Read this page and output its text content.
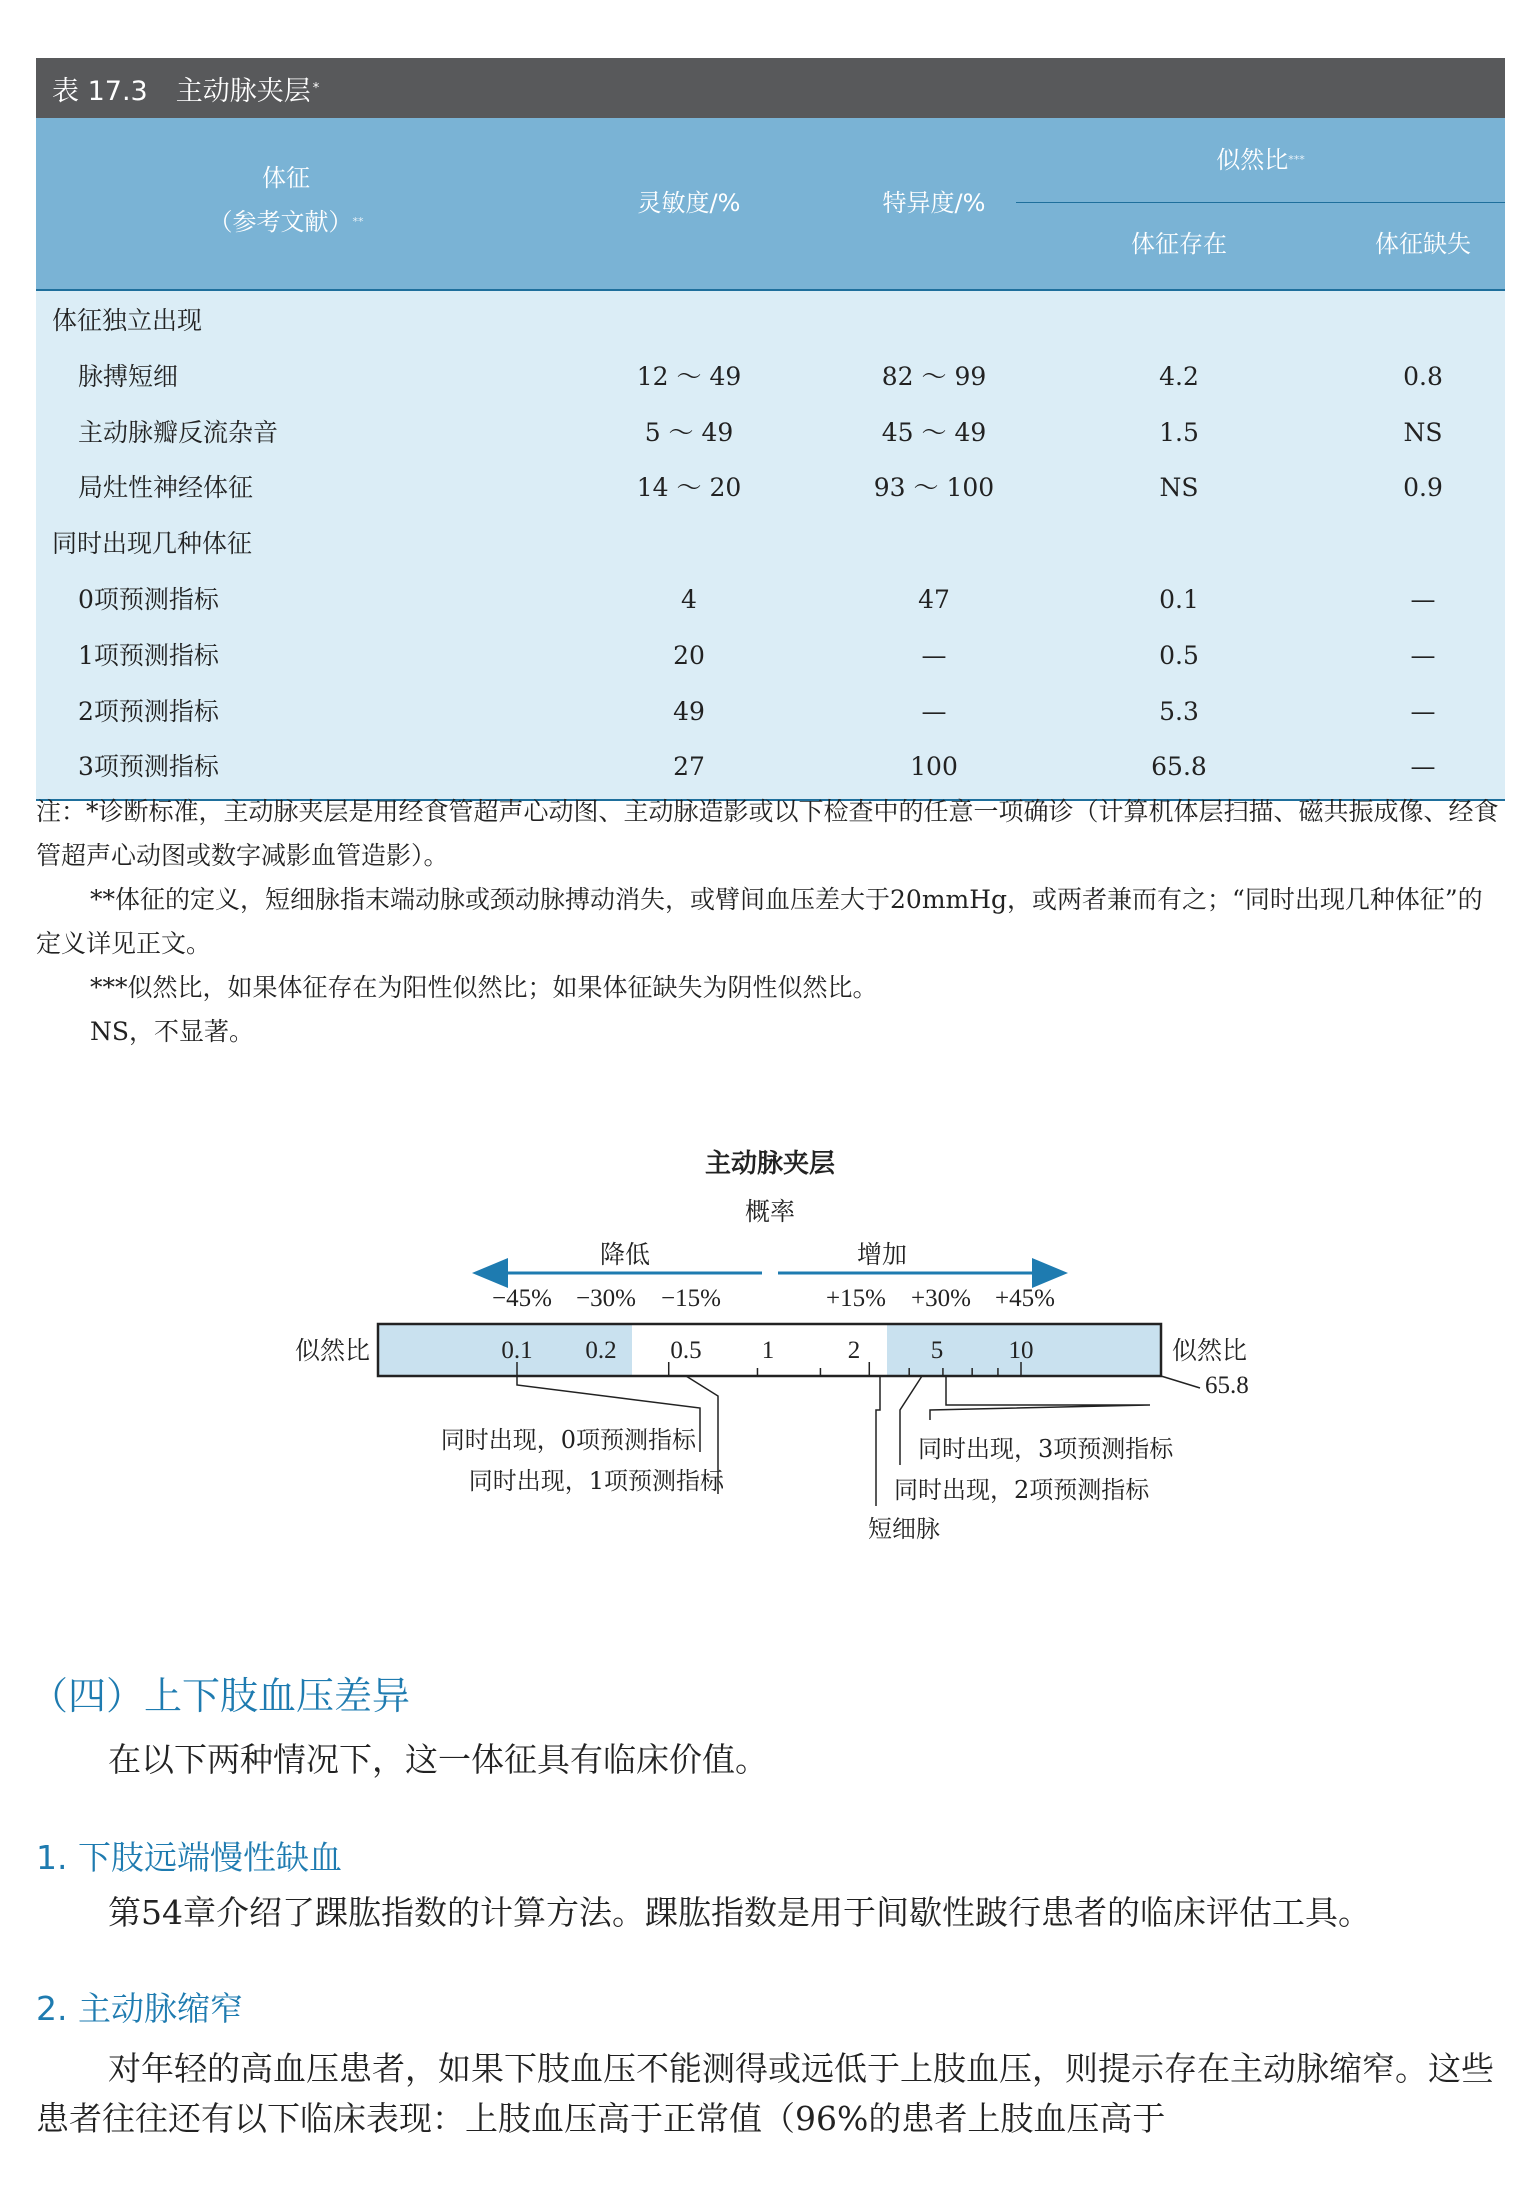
表 17.3 主动脉夹层 *
体征
（参考文献）**
灵敏度/%	特异度/%
似然比***
体征存在	体征缺失
体征独立出现
脉搏短细	12 ～ 49	82 ～ 99	4.2	0.8
主动脉瓣反流杂音	5 ～ 49	45 ～ 49	1.5	NS
局灶性神经体征	14 ～ 20	93 ～ 100	NS	0.9
同时出现几种体征
0项预测指标	4	47	0.1	—
1项预测指标	20	—	0.5	—
2项预测指标	49	—	5.3	—
3项预测指标	27	100	65.8	—

注：*诊断标准，主动脉夹层是用经食管超声心动图、主动脉造影或以下检查中的任意一项确诊（计算机体层扫描、磁共振成像、经食管超声心动图或数字减影血管造影）。

**体征的定义，短细脉指末端动脉或颈动脉搏动消失，或臂间血压差大于20mmHg，或两者兼而有之；“同时出现几种体征”的定义详见正文。

***似然比，如果体征存在为阳性似然比；如果体征缺失为阴性似然比。

NS，不显著。

主动脉夹层
概率
降低	增加
−45% −30% −15%	+15% +30% +45%
0.1 0.2 0.5 1	2	5	10
似然比	似然比
65.8
同时出现，0项预测指标
同时出现，1项预测指标
同时出现，3项预测指标
同时出现，2项预测指标
短细脉
（四）上下肢血压差异
在以下两种情况下，这一体征具有临床价值。
1. 下肢远端慢性缺血
第54章介绍了踝肱指数的计算方法。踝肱指数是用于间歇性跛行患者的临床评估工具。
2. 主动脉缩窄
对年轻的高血压患者，如果下肢血压不能测得或远低于上肢血压，则提示存在主动脉缩窄。这些患者往往还有以下临床表现：上肢血压高于正常值（96%的患者上肢血压高于
